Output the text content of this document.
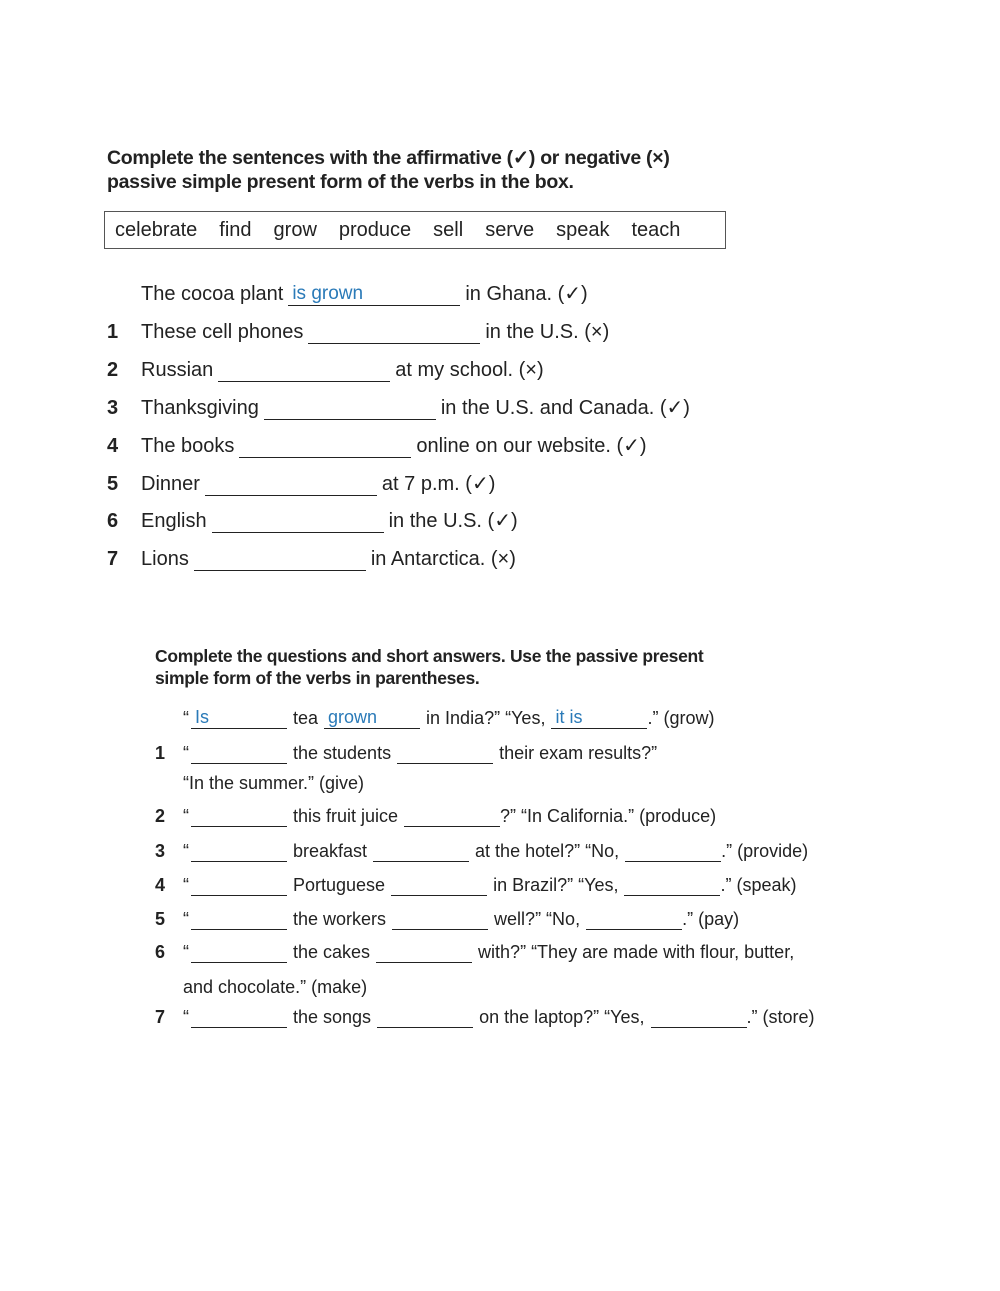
Complete the sentences with the affirmative (✓) or negative (×)
passive simple present form of the verbs in the box.
celebrate find grow produce sell serve speak teach
The cocoa plant is grown	in Ghana. (✓)
1	These cell phones	in the U.S. (×)
2	Russian	at my school. (×)
3	Thanksgiving	in the U.S. and Canada. (✓)
4	The books	online on our website. (✓)
5	Dinner	at 7 p.m. (✓)
6	English	in the U.S. (✓)
7	Lions	in Antarctica. (×)
Complete the questions and short answers. Use the passive present
simple form of the verbs in parentheses.
“ Is	tea grown	in India?” “Yes, it is	.” (grow)
1 “	the students	their exam results?”
“In the summer.” (give)
2 “	this fruit juice	?” “In California.” (produce)
3 “	breakfast	at the hotel?” “No,	.” (provide)
4 “	Portuguese	in Brazil?” “Yes,	.” (speak)
5 “	the workers	well?” “No,	.” (pay)
6 “	the cakes	with?” “They are made with flour, butter,
and chocolate.” (make)
7 “	the songs	on the laptop?” “Yes,	.” (store)
